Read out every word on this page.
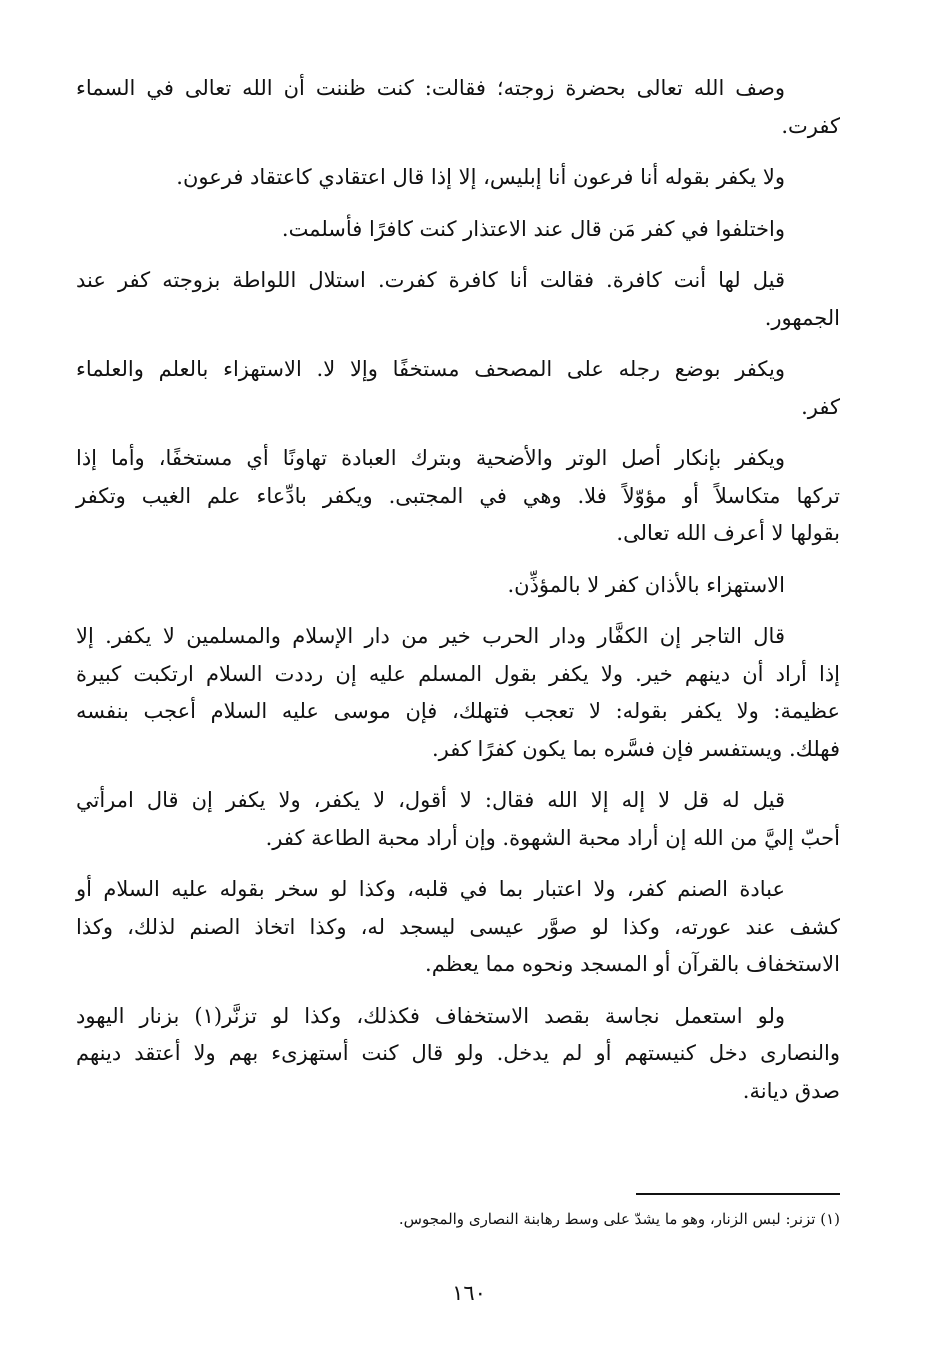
وصف الله تعالى بحضرة زوجته؛ فقالت: كنت ظننت أن الله تعالى في السماء
كفرت.

ولا يكفر بقوله أنا فرعون أنا إبليس، إلا إذا قال اعتقادي كاعتقاد فرعون.

واختلفوا في كفر مَن قال عند الاعتذار كنت كافرًا فأسلمت.

قيل لها أنت كافرة. فقالت أنا كافرة كفرت. استلال اللواطة بزوجته كفر عند
الجمهور.

ويكفر بوضع رجله على المصحف مستخفًا وإلا لا. الاستهزاء بالعلم والعلماء
كفر.

ويكفر بإنكار أصل الوتر والأضحية وبترك العبادة تهاونًا أي مستخفًا، وأما إذا
تركها متكاسلاً أو مؤوّلاً فلا. وهي في المجتبى. ويكفر بادِّعاء علم الغيب وتكفر
بقولها لا أعرف الله تعالى.

الاستهزاء بالأذان كفر لا بالمؤذِّن.

قال التاجر إن الكفَّار ودار الحرب خير من دار الإسلام والمسلمين لا يكفر. إلا
إذا أراد أن دينهم خير. ولا يكفر بقول المسلم عليه إن رددت السلام ارتكبت كبيرة
عظيمة: ولا يكفر بقوله: لا تعجب فتهلك، فإن موسى عليه السلام أعجب بنفسه
فهلك. ويستفسر فإن فسَّره بما يكون كفرًا كفر.

قيل له قل لا إله إلا الله فقال: لا أقول، لا يكفر، ولا يكفر إن قال امرأتي
أحبّ إليَّ من الله إن أراد محبة الشهوة. وإن أراد محبة الطاعة كفر.

عبادة الصنم كفر، ولا اعتبار بما في قلبه، وكذا لو سخر بقوله عليه السلام أو
كشف عند عورته، وكذا لو صوَّر عيسى ليسجد له، وكذا اتخاذ الصنم لذلك، وكذا
الاستخفاف بالقرآن أو المسجد ونحوه مما يعظم.

ولو استعمل نجاسة بقصد الاستخفاف فكذلك، وكذا لو تزنَّر(١) بزنار اليهود
والنصارى دخل كنيستهم أو لم يدخل. ولو قال كنت أستهزىء بهم ولا أعتقد دينهم
صدق ديانة.

(١) تزنر: لبس الزنار، وهو ما يشدّ على وسط رهابنة النصارى والمجوس.
١٦٠
